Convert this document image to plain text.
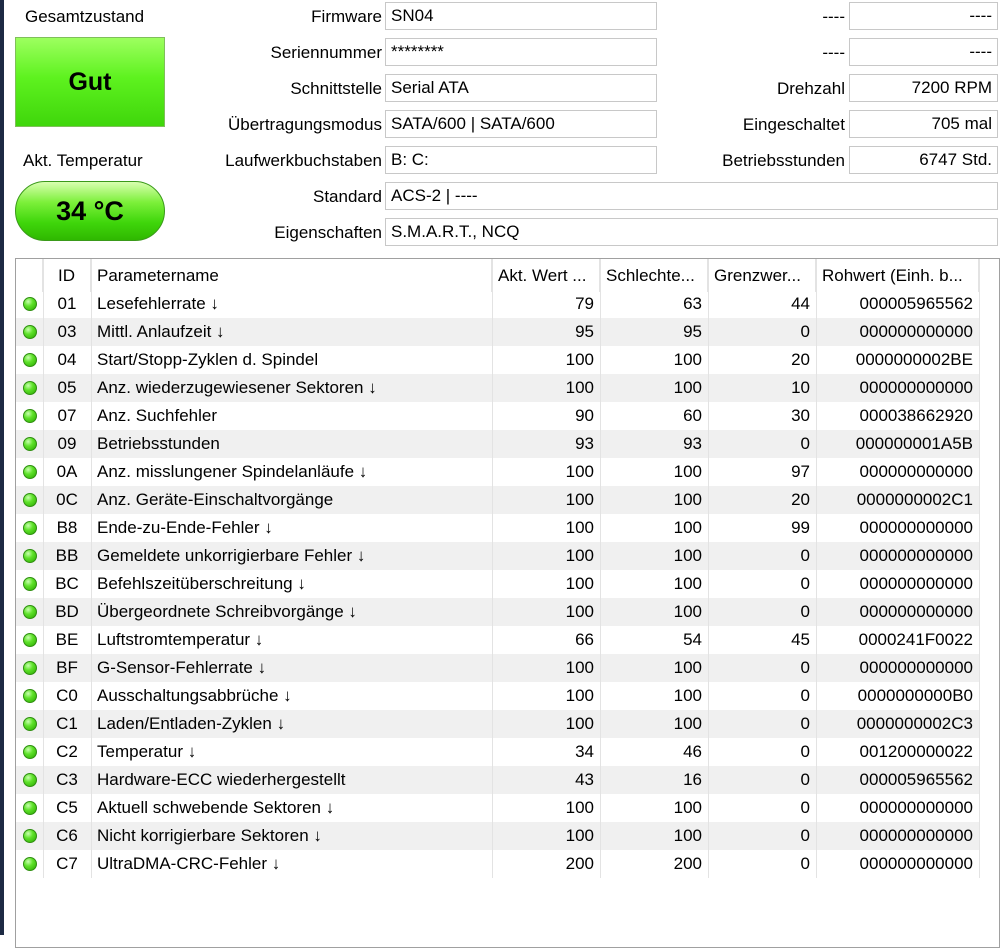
Gesamtzustand
Gut
Akt. Temperatur
34 °C
Firmware SN04
Seriennummer ********
Schnittstelle Serial ATA
Übertragungsmodus SATA/600 | SATA/600
Laufwerkbuchstaben B: C:
Standard ACS-2 | ----
Eigenschaften S.M.A.R.T., NCQ
----	----
----	----
Drehzahl	7200 RPM
Eingeschaltet	705 mal
Betriebsstunden	6747 Std.
ID	Parametername	Akt. Wert ...	Schlechte...	Grenzwer...	Rohwert (Einh. b...
01	Lesefehlerrate ↓	79	63	44	000005965562
03	Mittl. Anlaufzeit ↓	95	95	0	000000000000
04	Start/Stopp-Zyklen d. Spindel	100	100	20	0000000002BE
05	Anz. wiederzugewiesener Sektoren ↓	100	100	10	000000000000
07	Anz. Suchfehler	90	60	30	000038662920
09	Betriebsstunden	93	93	0	000000001A5B
0A	Anz. misslungener Spindelanläufe ↓	100	100	97	000000000000
0C	Anz. Geräte-Einschaltvorgänge	100	100	20	0000000002C1
B8	Ende-zu-Ende-Fehler ↓	100	100	99	000000000000
BB	Gemeldete unkorrigierbare Fehler ↓	100	100	0	000000000000
BC	Befehlszeitüberschreitung ↓	100	100	0	000000000000
BD	Übergeordnete Schreibvorgänge ↓	100	100	0	000000000000
BE	Luftstromtemperatur ↓	66	54	45	0000241F0022
BF	G-Sensor-Fehlerrate ↓	100	100	0	000000000000
C0	Ausschaltungsabbrüche ↓	100	100	0	0000000000B0
C1	Laden/Entladen-Zyklen ↓	100	100	0	0000000002C3
C2	Temperatur ↓	34	46	0	001200000022
C3	Hardware-ECC wiederhergestellt	43	16	0	000005965562
C5	Aktuell schwebende Sektoren ↓	100	100	0	000000000000
C6	Nicht korrigierbare Sektoren ↓	100	100	0	000000000000
C7	UltraDMA-CRC-Fehler ↓	200	200	0	000000000000
